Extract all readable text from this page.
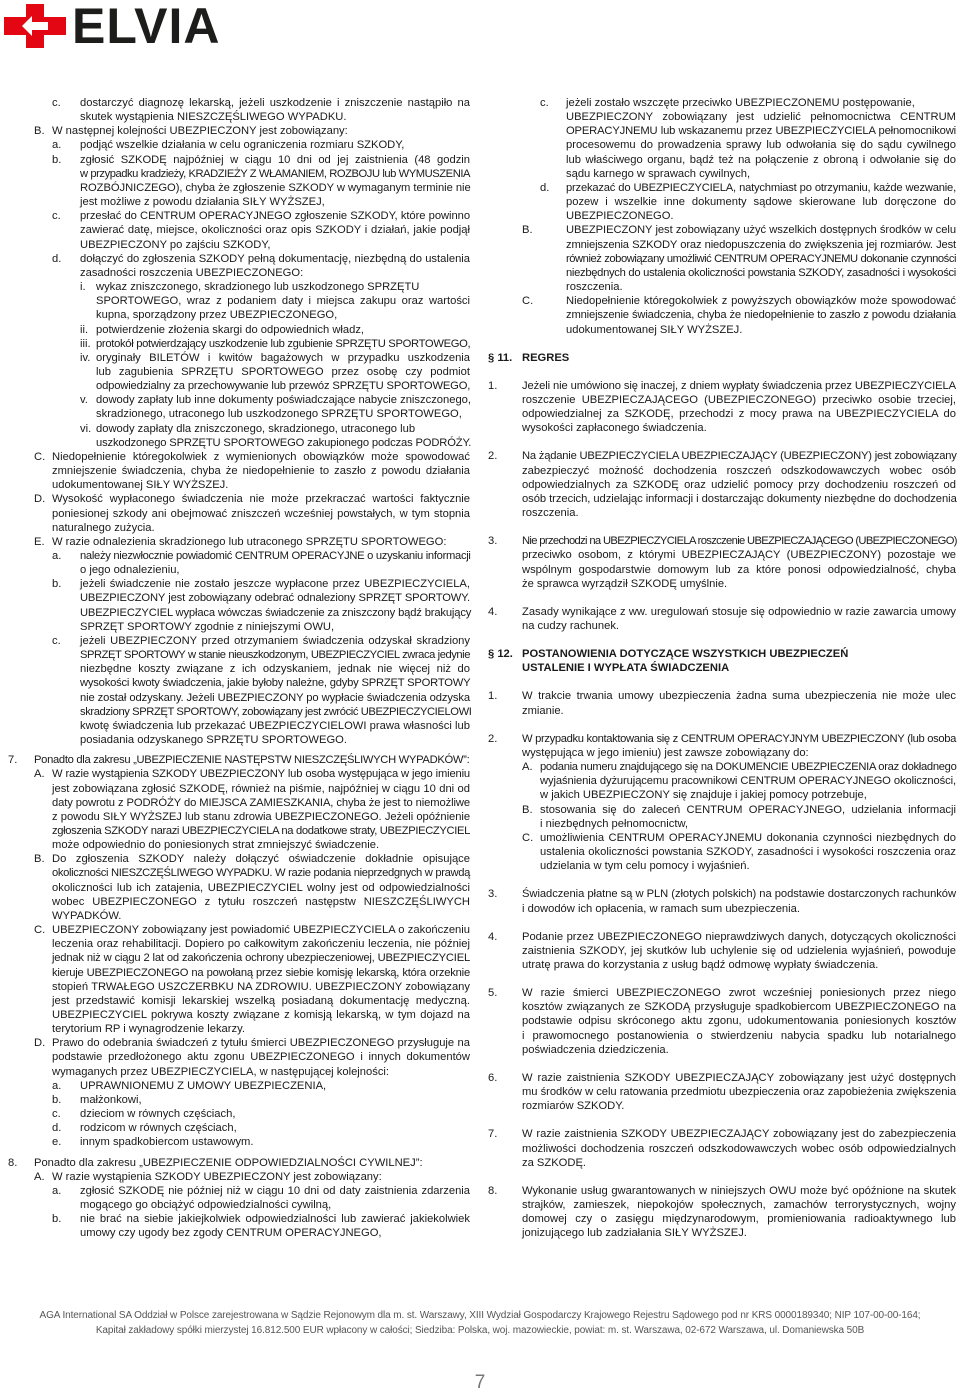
ELVIA
c. dostarczyć diagnozę lekarską, jeżeli uszkodzenie i zniszczenie nastąpiło na
skutek wystąpienia NIESZCZĘŚLIWEGO WYPADKU.
B. W następnej kolejności UBEZPIECZONY jest zobowiązany:
a. podjąć wszelkie działania w celu ograniczenia rozmiaru SZKODY,
b. zgłosić SZKODĘ najpóźniej w ciągu 10 dni od jej zaistnienia (48 godzin
w przypadku kradzieży, KRADZIEŻY Z WŁAMANIEM, ROZBOJU lub WYMUSZENIA
ROZBÓJNICZEGO), chyba że zgłoszenie SZKODY w wymaganym terminie nie
jest możliwe z powodu działania SIŁY WYŻSZEJ,
c. przesłać do CENTRUM OPERACYJNEGO zgłoszenie SZKODY, które powinno
zawierać datę, miejsce, okoliczności oraz opis SZKODY i działań, jakie podjął
UBEZPIECZONY po zajściu SZKODY,
d. dołączyć do zgłoszenia SZKODY pełną dokumentację, niezbędną do ustalenia
zasadności roszczenia UBEZPIECZONEGO:
i. wykaz zniszczonego, skradzionego lub uszkodzonego SPRZĘTU
SPORTOWEGO, wraz z podaniem daty i miejsca zakupu oraz wartości
kupna, sporządzony przez UBEZPIECZONEGO,
ii. potwierdzenie złożenia skargi do odpowiednich władz,
iii. protokół potwierdzający uszkodzenie lub zgubienie SPRZĘTU SPORTOWEGO,
iv. oryginały BILETÓW i kwitów bagażowych w przypadku uszkodzenia
lub zagubienia SPRZĘTU SPORTOWEGO przez osobę czy podmiot
odpowiedzialny za przechowywanie lub przewóz SPRZĘTU SPORTOWEGO,
v. dowody zapłaty lub inne dokumenty poświadczające nabycie zniszczonego,
skradzionego, utraconego lub uszkodzonego SPRZĘTU SPORTOWEGO,
vi. dowody zapłaty dla zniszczonego, skradzionego, utraconego lub
uszkodzonego SPRZĘTU SPORTOWEGO zakupionego podczas PODRÓŻY.
C. Niedopełnienie któregokolwiek z wymienionych obowiązków może spowodować
zmniejszenie świadczenia, chyba że niedopełnienie to zaszło z powodu działania
udokumentowanej SIŁY WYŻSZEJ.
D. Wysokość wypłaconego świadczenia nie może przekraczać wartości faktycznie
poniesionej szkody ani obejmować zniszczeń wcześniej powstałych, w tym stopnia
naturalnego zużycia.
E. W razie odnalezienia skradzionego lub utraconego SPRZĘTU SPORTOWEGO:
a. należy niezwłocznie powiadomić CENTRUM OPERACYJNE o uzyskaniu informacji
o jego odnalezieniu,
b. jeżeli świadczenie nie zostało jeszcze wypłacone przez UBEZPIECZYCIELA,
UBEZPIECZONY jest zobowiązany odebrać odnaleziony SPRZĘT SPORTOWY.
UBEZPIECZYCIEL wypłaca wówczas świadczenie za zniszczony bądź brakujący
SPRZĘT SPORTOWY zgodnie z niniejszymi OWU,
c. jeżeli UBEZPIECZONY przed otrzymaniem świadczenia odzyskał skradziony
SPRZĘT SPORTOWY w stanie nieuszkodzonym, UBEZPIECZYCIEL zwraca jedynie
niezbędne koszty związane z ich odzyskaniem, jednak nie więcej niż do
wysokości kwoty świadczenia, jakie byłoby należne, gdyby SPRZĘT SPORTOWY
nie został odzyskany. Jeżeli UBEZPIECZONY po wypłacie świadczenia odzyska
skradziony SPRZĘT SPORTOWY, zobowiązany jest zwrócić UBEZPIECZYCIELOWI
kwotę świadczenia lub przekazać UBEZPIECZYCIELOWI prawa własności lub
posiadania odzyskanego SPRZĘTU SPORTOWEGO.
7. Ponadto dla zakresu „UBEZPIECZENIE NASTĘPSTW NIESZCZĘŚLIWYCH WYPADKÓW”:
A. W razie wystąpienia SZKODY UBEZPIECZONY lub osoba występująca w jego imieniu
jest zobowiązana zgłosić SZKODĘ, również na piśmie, najpóźniej w ciągu 10 dni od
daty powrotu z PODRÓŻY do MIEJSCA ZAMIESZKANIA, chyba że jest to niemożliwe
z powodu SIŁY WYŻSZEJ lub stanu zdrowia UBEZPIECZONEGO. Jeżeli opóźnienie
zgłoszenia SZKODY narazi UBEZPIECZYCIELA na dodatkowe straty, UBEZPIECZYCIEL
może odpowiednio do poniesionych strat zmniejszyć świadczenie.
B. Do zgłoszenia SZKODY należy dołączyć oświadczenie dokładnie opisujące
okoliczności NIESZCZĘŚLIWEGO WYPADKU. W razie podania nieprzedgnych w prawdą
okoliczności lub ich zatajenia, UBEZPIECZYCIEL wolny jest od odpowiedzialności
wobec UBEZPIECZONEGO z tytułu roszczeń następstw NIESZCZĘŚLIWYCH
WYPADKÓW.
C. UBEZPIECZONY zobowiązany jest powiadomić UBEZPIECZYCIELA o zakończeniu
leczenia oraz rehabilitacji. Dopiero po całkowitym zakończeniu leczenia, nie później
jednak niż w ciągu 2 lat od zakończenia ochrony ubezpieczeniowej, UBEZPIECZYCIEL
kieruje UBEZPIECZONEGO na powołaną przez siebie komisję lekarską, która orzeknie
stopień TRWAŁEGO USZCZERBKU NA ZDROWIU. UBEZPIECZONY zobowiązany
jest przedstawić komisji lekarskiej wszelką posiadaną dokumentację medyczną.
UBEZPIECZYCIEL pokrywa koszty związane z komisją lekarską, w tym dojazd na
terytorium RP i wynagrodzenie lekarzy.
D. Prawo do odebrania świadczeń z tytułu śmierci UBEZPIECZONEGO przysługuje na
podstawie przedłożonego aktu zgonu UBEZPIECZONEGO i innych dokumentów
wymaganych przez UBEZPIECZYCIELA, w następującej kolejności:
a. UPRAWNIONEMU Z UMOWY UBEZPIECZENIA,
b. małżonkowi,
c. dzieciom w równych częściach,
d. rodzicom w równych częściach,
e. innym spadkobiercom ustawowym.
8. Ponadto dla zakresu „UBEZPIECZENIE ODPOWIEDZIALNOŚCI CYWILNEJ”:
A. W razie wystąpienia SZKODY UBEZPIECZONY jest zobowiązany:
a. zgłosić SZKODĘ nie później niż w ciągu 10 dni od daty zaistnienia zdarzenia
mogącego go obciążyć odpowiedzialności cywilną,
b. nie brać na siebie jakiejkolwiek odpowiedzialności lub zawierać jakiekolwiek
umowy czy ugody bez zgody CENTRUM OPERACYJNEGO,
c. jeżeli zostało wszczęte przeciwko UBEZPIECZONEMU postępowanie,
UBEZPIECZONY zobowiązany jest udzielić pełnomocnictwa CENTRUM
OPERACYJNEMU lub wskazanemu przez UBEZPIECZYCIELA pełnomocnikowi
procesowemu do prowadzenia sprawy lub odwołania się do sądu cywilnego
lub właściwego organu, bądź też na połączenie z obroną i odwołanie się do
sądu karnego w sprawach cywilnych,
d. przekazać do UBEZPIECZYCIELA, natychmiast po otrzymaniu, każde wezwanie,
pozew i wszelkie inne dokumenty sądowe skierowane lub doręczone do
UBEZPIECZONEGO.
B.	UBEZPIECZONY jest zobowiązany użyć wszelkich dostępnych środków w celu
zmniejszenia SZKODY oraz niedopuszczenia do zwiększenia jej rozmiarów. Jest
również zobowiązany umożliwić CENTRUM OPERACYJNEMU dokonanie czynności
niezbędnych do ustalenia okoliczności powstania SZKODY, zasadności i wysokości
roszczenia.
C.	Niedopełnienie któregokolwiek z powyższych obowiązków może spowodować
zmniejszenie świadczenia, chyba że niedopełnienie to zaszło z powodu działania
udokumentowanej SIŁY WYŻSZEJ.
§ 11. REGRES
1. Jeżeli nie umówiono się inaczej, z dniem wypłaty świadczenia przez UBEZPIECZYCIELA
roszczenie UBEZPIECZAJĄCEGO (UBEZPIECZONEGO) przeciwko osobie trzeciej,
odpowiedzialnej za SZKODĘ, przechodzi z mocy prawa na UBEZPIECZYCIELA do
wysokości zapłaconego świadczenia.
2. Na żądanie UBEZPIECZYCIELA UBEZPIECZAJĄCY (UBEZPIECZONY) jest zobowiązany
zabezpieczyć możność dochodzenia roszczeń odszkodowawczych wobec osób
odpowiedzialnych za SZKODĘ oraz udzielić pomocy przy dochodzeniu roszczeń od
osób trzecich, udzielając informacji i dostarczając dokumenty niezbędne do dochodzenia
roszczenia.
3. Nie przechodzi na UBEZPIECZYCIELA roszczenie UBEZPIECZAJĄCEGO (UBEZPIECZONEGO)
przeciwko osobom, z którymi UBEZPIECZAJĄCY (UBEZPIECZONY) pozostaje we
wspólnym gospodarstwie domowym lub za które ponosi odpowiedzialność, chyba
że sprawca wyrządził SZKODĘ umyślnie.
4. Zasady wynikające z ww. uregulowań stosuje się odpowiednio w razie zawarcia umowy
na cudzy rachunek.
§ 12. POSTANOWIENIA DOTYCZĄCE WSZYSTKICH UBEZPIECZEŃ
USTALENIE I WYPŁATA ŚWIADCZENIA
1. W trakcie trwania umowy ubezpieczenia żadna suma ubezpieczenia nie może ulec
zmianie.
2. W przypadku kontaktowania się z CENTRUM OPERACYJNYM UBEZPIECZONY (lub osoba
występująca w jego imieniu) jest zawsze zobowiązany do:
A. podania numeru znajdującego się na DOKUMENCIE UBEZPIECZENIA oraz dokładnego
wyjaśnienia dyżurującemu pracownikowi CENTRUM OPERACYJNEGO okoliczności,
w jakich UBEZPIECZONY się znajduje i jakiej pomocy potrzebuje,
B. stosowania się do zaleceń CENTRUM OPERACYJNEGO, udzielania informacji
i niezbędnych pełnomocnictw,
C. umożliwienia CENTRUM OPERACYJNEMU dokonania czynności niezbędnych do
ustalenia okoliczności powstania SZKODY, zasadności i wysokości roszczenia oraz
udzielania w tym celu pomocy i wyjaśnień.
3. Świadczenia płatne są w PLN (złotych polskich) na podstawie dostarczonych rachunków
i dowodów ich opłacenia, w ramach sum ubezpieczenia.
4. Podanie przez UBEZPIECZONEGO nieprawdziwych danych, dotyczących okoliczności
zaistnienia SZKODY, jej skutków lub uchylenie się od udzielenia wyjaśnień, powoduje
utratę prawa do korzystania z usług bądź odmowę wypłaty świadczenia.
5. W razie śmierci UBEZPIECZONEGO zwrot wcześniej poniesionych przez niego
kosztów związanych ze SZKODĄ przysługuje spadkobiercom UBEZPIECZONEGO na
podstawie odpisu skróconego aktu zgonu, udokumentowania poniesionych kosztów
i prawomocnego postanowienia o stwierdzeniu nabycia spadku lub notarialnego
poświadczenia dziedziczenia.
6. W razie zaistnienia SZKODY UBEZPIECZAJĄCY zobowiązany jest użyć dostępnych
mu środków w celu ratowania przedmiotu ubezpieczenia oraz zapobieżenia zwiększenia
rozmiarów SZKODY.
7. W razie zaistnienia SZKODY UBEZPIECZAJĄCY zobowiązany jest do zabezpieczenia
możliwości dochodzenia roszczeń odszkodowawczych wobec osób odpowiedzialnych
za SZKODĘ.
8. Wykonanie usług gwarantowanych w niniejszych OWU może być opóźnione na skutek
strajków, zamieszek, niepokojów społecznych, zamachów terrorystycznych, wojny
domowej czy o zasięgu międzynarodowym, promieniowania radioaktywnego lub
jonizującego lub zadziałania SIŁY WYŻSZEJ.
AGA International SA Oddział w Polsce zarejestrowana w Sądzie Rejonowym dla m. st. Warszawy, XIII Wydział Gospodarczy Krajowego Rejestru Sądowego pod nr KRS 0000189340; NIP 107-00-00-164;
Kapitał zakładowy spółki mierzystej 16.812.500 EUR wpłacony w całości; Siedziba: Polska, woj. mazowieckie, powiat: m. st. Warszawa, 02-672 Warszawa, ul. Domaniewska 50B
7
